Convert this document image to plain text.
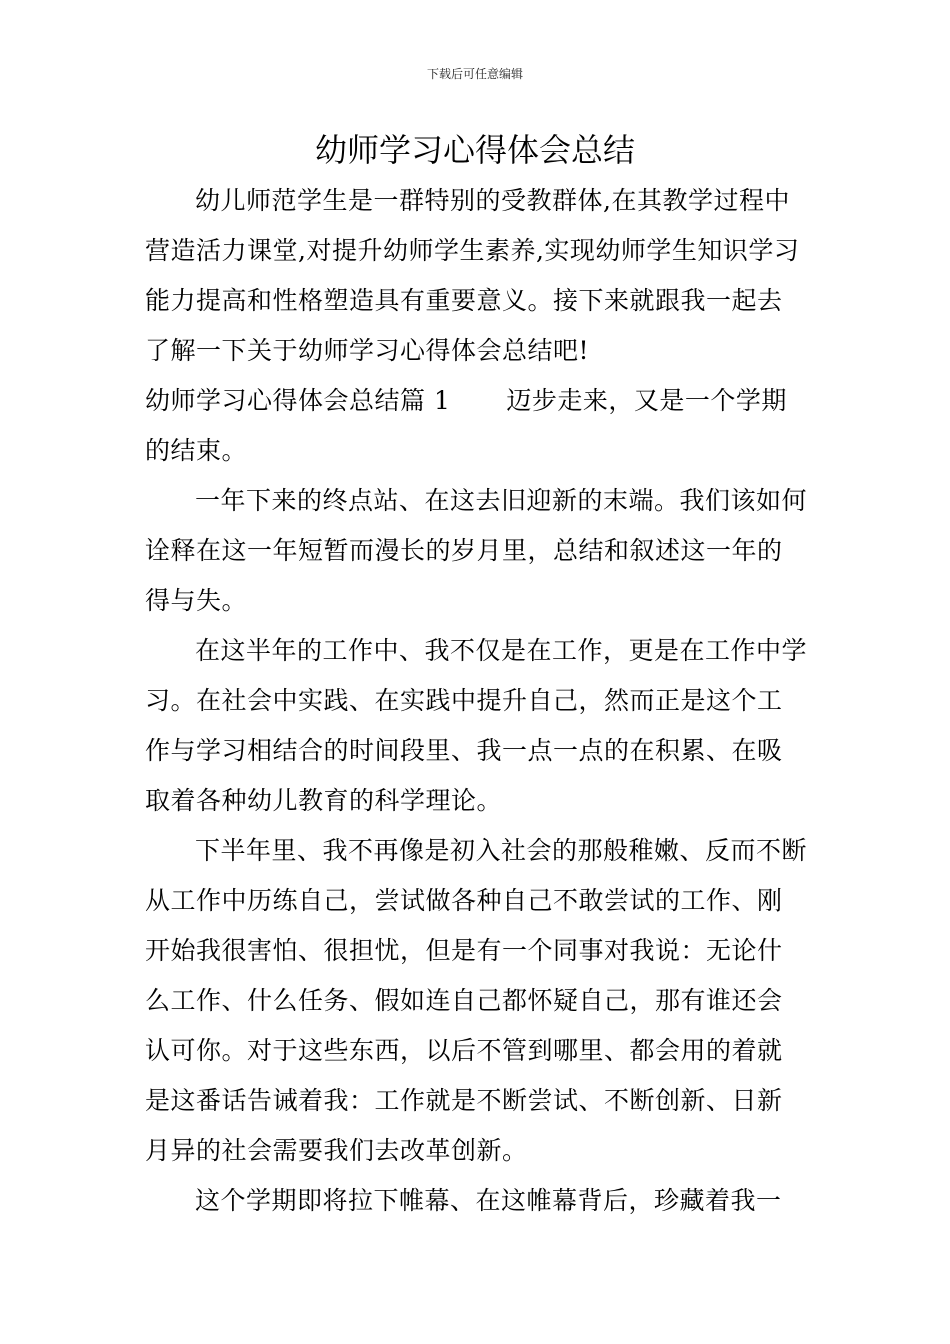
下载后可任意编辑
幼师学习心得体会总结

幼儿师范学生是一群特别的受教群体,在其教学过程中营造活力课堂,对提升幼师学生素养,实现幼师学生知识学习能力提高和性格塑造具有重要意义。接下来就跟我一起去了解一下关于幼师学习心得体会总结吧!

幼师学习心得体会总结篇 1 迈步走来，又是一个学期的结束。

一年下来的终点站、在这去旧迎新的末端。我们该如何诠释在这一年短暂而漫长的岁月里，总结和叙述这一年的得与失。

在这半年的工作中、我不仅是在工作，更是在工作中学习。在社会中实践、在实践中提升自己，然而正是这个工作与学习相结合的时间段里、我一点一点的在积累、在吸取着各种幼儿教育的科学理论。

下半年里、我不再像是初入社会的那般稚嫩、反而不断从工作中历练自己，尝试做各种自己不敢尝试的工作、刚开始我很害怕、很担忧，但是有一个同事对我说：无论什么工作、什么任务、假如连自己都怀疑自己，那有谁还会认可你。对于这些东西，以后不管到哪里、都会用的着就是这番话告诫着我：工作就是不断尝试、不断创新、日新月异的社会需要我们去改革创新。

这个学期即将拉下帷幕、在这帷幕背后，珍藏着我一
